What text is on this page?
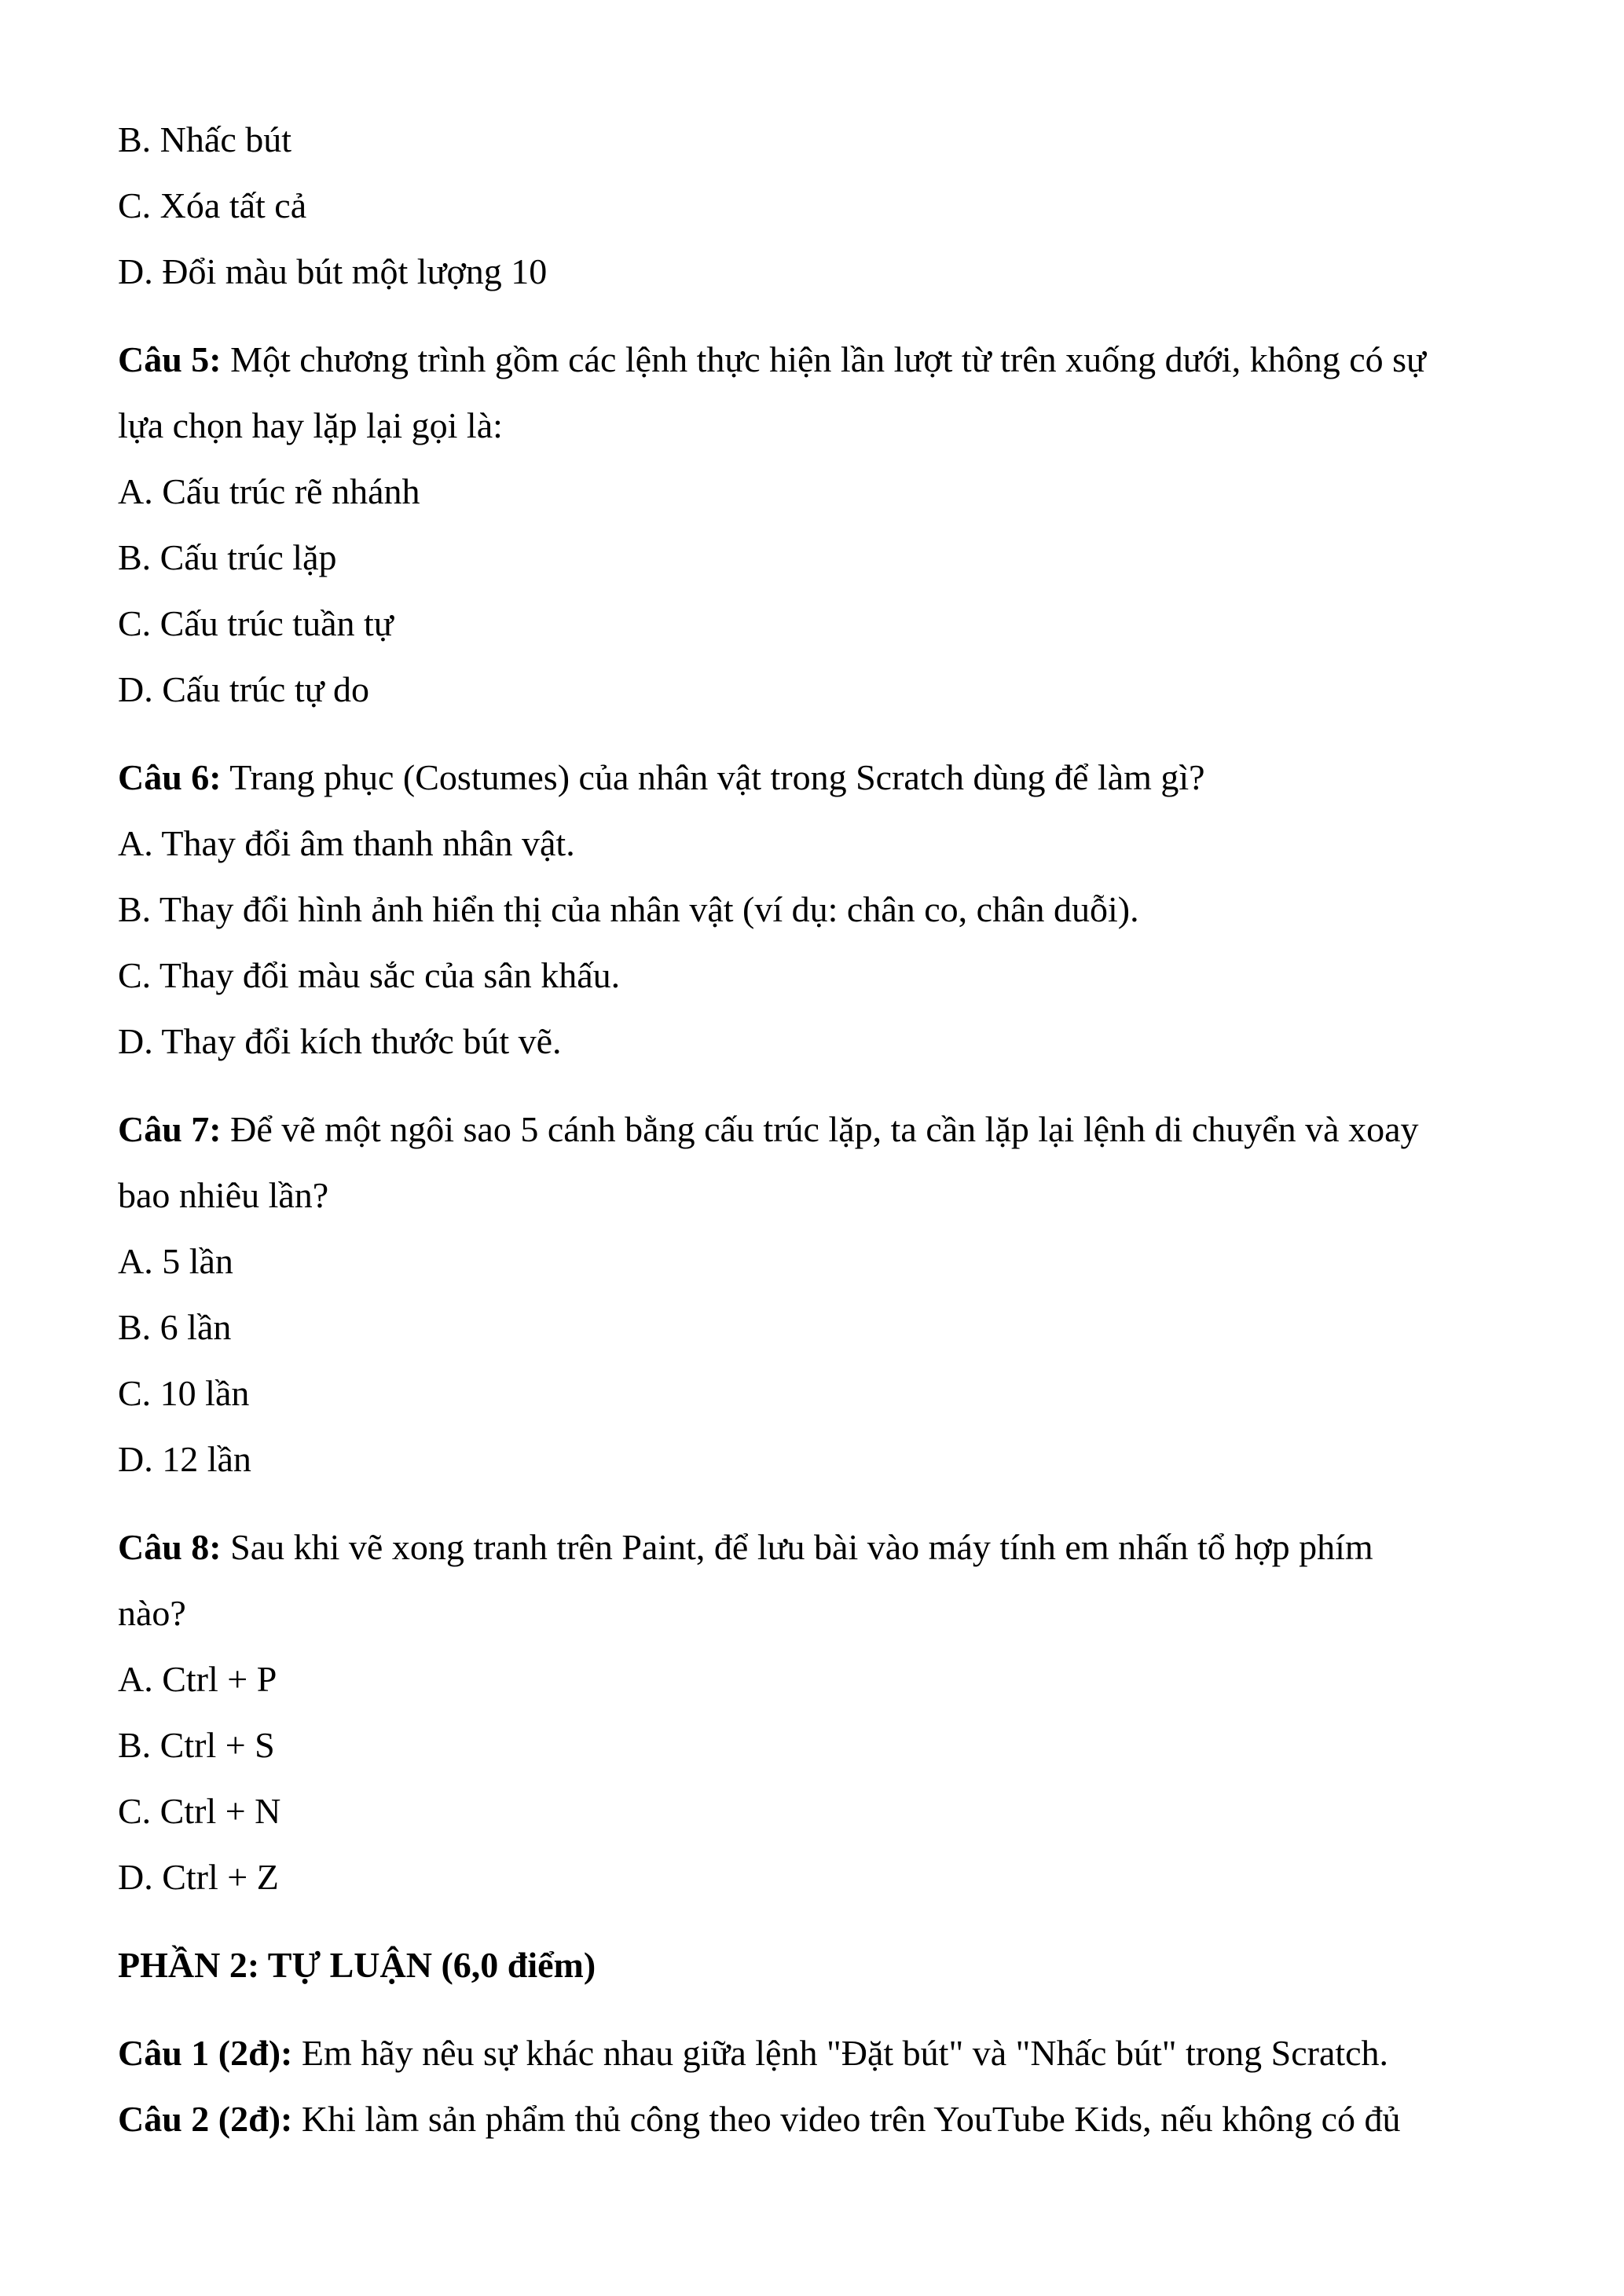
B. Nhấc bút

C. Xóa tất cả

D. Đổi màu bút một lượng 10

Câu 5: Một chương trình gồm các lệnh thực hiện lần lượt từ trên xuống dưới, không có sự

lựa chọn hay lặp lại gọi là:

A. Cấu trúc rẽ nhánh

B. Cấu trúc lặp

C. Cấu trúc tuần tự

D. Cấu trúc tự do

Câu 6: Trang phục (Costumes) của nhân vật trong Scratch dùng để làm gì?

A. Thay đổi âm thanh nhân vật.

B. Thay đổi hình ảnh hiển thị của nhân vật (ví dụ: chân co, chân duỗi).

C. Thay đổi màu sắc của sân khấu.

D. Thay đổi kích thước bút vẽ.

Câu 7: Để vẽ một ngôi sao 5 cánh bằng cấu trúc lặp, ta cần lặp lại lệnh di chuyển và xoay

bao nhiêu lần?

A. 5 lần

B. 6 lần

C. 10 lần

D. 12 lần

Câu 8: Sau khi vẽ xong tranh trên Paint, để lưu bài vào máy tính em nhấn tổ hợp phím

nào?

A. Ctrl + P

B. Ctrl + S

C. Ctrl + N

D. Ctrl + Z

PHẦN 2: TỰ LUẬN (6,0 điểm)

Câu 1 (2đ): Em hãy nêu sự khác nhau giữa lệnh "Đặt bút" và "Nhấc bút" trong Scratch.

Câu 2 (2đ): Khi làm sản phẩm thủ công theo video trên YouTube Kids, nếu không có đủ
